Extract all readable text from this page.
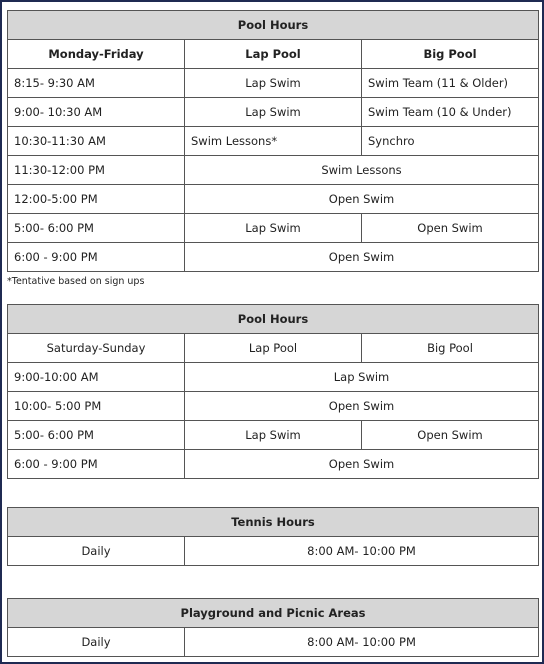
Pool Hours		
Monday-Friday	Lap Pool	Big Pool
8:15- 9:30 AM	Lap Swim	Swim Team (11 & Older)
9:00- 10:30 AM	Lap Swim	Swim Team (10 & Under)
10:30-11:30 AM	Swim Lessons*	Synchro
11:30-12:00 PM	Swim Lessons	
12:00-5:00 PM	Open Swim	
5:00- 6:00 PM	Lap Swim	Open Swim
6:00 - 9:00 PM	Open Swim	
*Tentative based on sign ups
Pool Hours		
Saturday-Sunday	Lap Pool	Big Pool
9:00-10:00 AM	Lap Swim	
10:00- 5:00 PM	Open Swim	
5:00- 6:00 PM	Lap Swim	Open Swim
6:00 - 9:00 PM	Open Swim	
Tennis Hours
Daily	8:00 AM- 10:00 PM
Playground and Picnic Areas
Daily	8:00 AM- 10:00 PM
